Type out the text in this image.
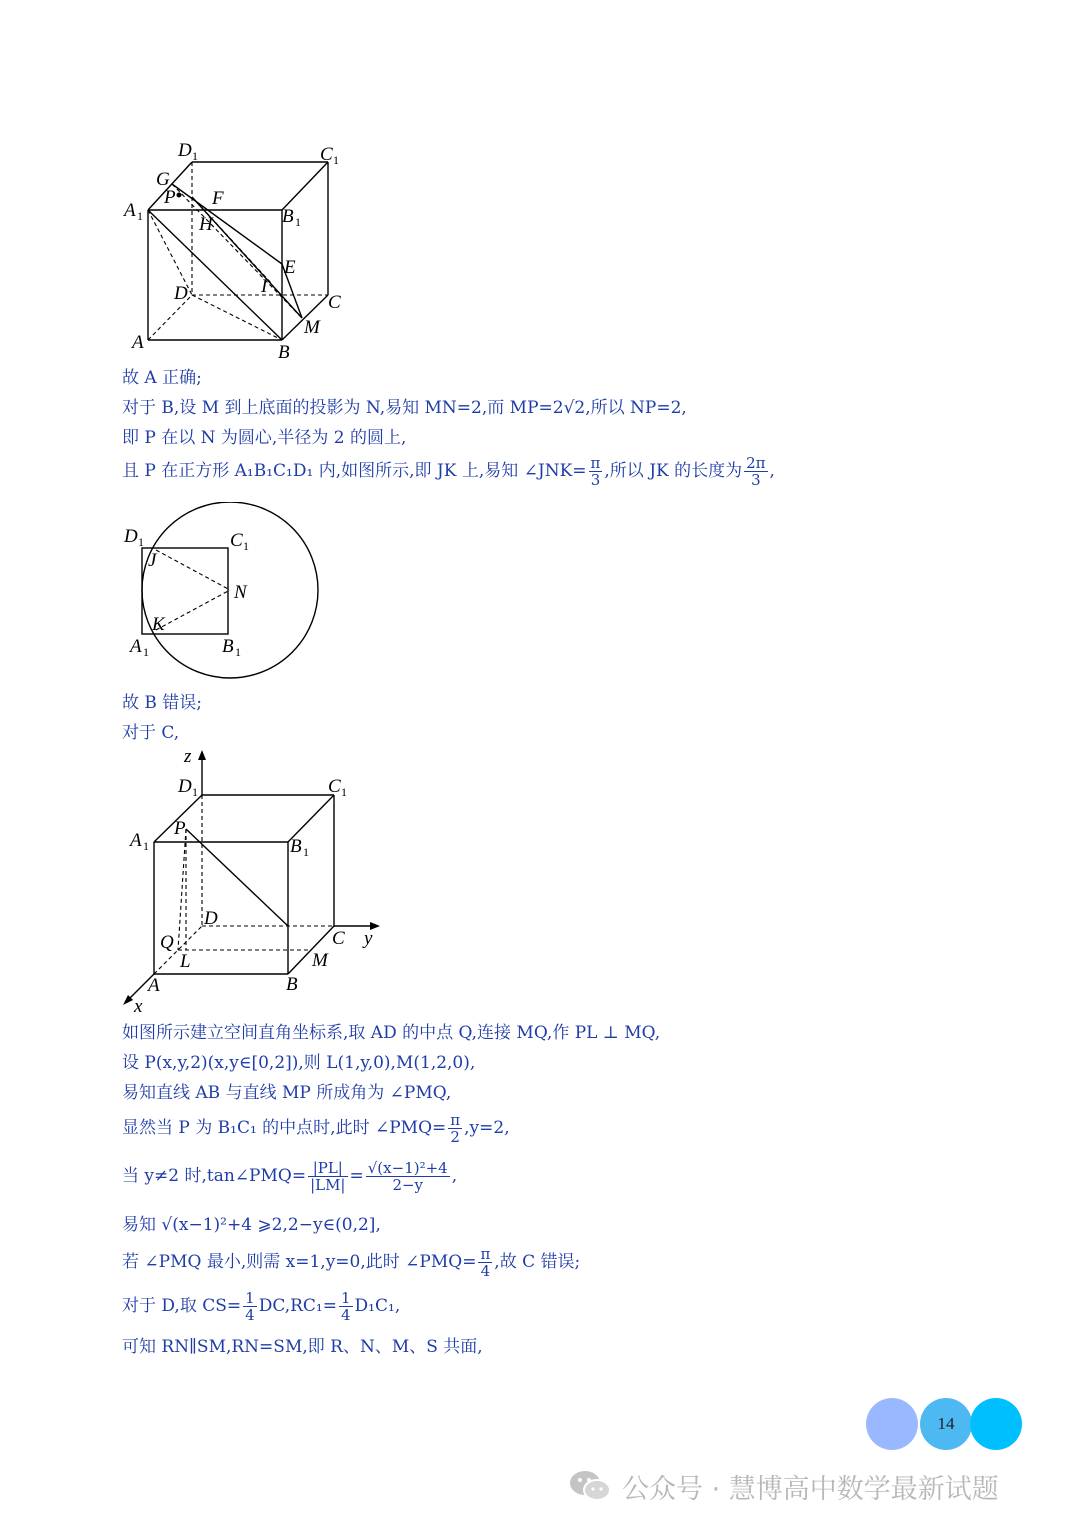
D 1	C 1
G
P F
A 1	H	B 1
E
D	I
C
M
A	B

故 A 正确;

对于 B,设 M 到上底面的投影为 N,易知 MN=2,而 MP=2√2,所以 NP=2,

即 P 在以 N 为圆心,半径为 2 的圆上,

且 P 在正方形 A₁B₁C₁D₁ 内,如图所示,即 JK 上,易知 ∠JNK= $\frac{\pi}{3}$ ,所以 JK 的长度为 $\frac{2\pi}{3}$ ,

D 1	C 1
J
N
K
A 1	B 1

故 B 错误;

对于 C,

z
D 1	C 1
A 1
P
B 1
D
Q	C y
L	M
A	B
x

如图所示建立空间直角坐标系,取 AD 的中点 Q,连接 MQ,作 PL ⊥ MQ,

设 P(x,y,2)(x,y∈[0,2]),则 L(1,y,0),M(1,2,0),

易知直线 AB 与直线 MP 所成角为 ∠PMQ,

显然当 P 为 B₁C₁ 的中点时,此时 ∠PMQ= $\frac{\pi}{2} ,y=2$,

当 y≠2 时,tan∠PMQ= $\frac{|PL|}{|LM|} = \frac{\text{√(x−1)²+4}}{2-y}$ ,

易知 √(x−1)²+4 ⩾2,2−y∈(0,2],

若 ∠PMQ 最小,则需 x=1,y=0,此时 ∠PMQ= $\frac{\pi}{4}$ ,故 C 错误;

对于 D,取 $CS= \frac{1}{4} DC,RC_1= \frac{1}{4} D_1C_1$,

可知 RN∥SM,RN=SM,即 R、N、M、S 共面,

14
公众号 · 慧博高中数学最新试题
